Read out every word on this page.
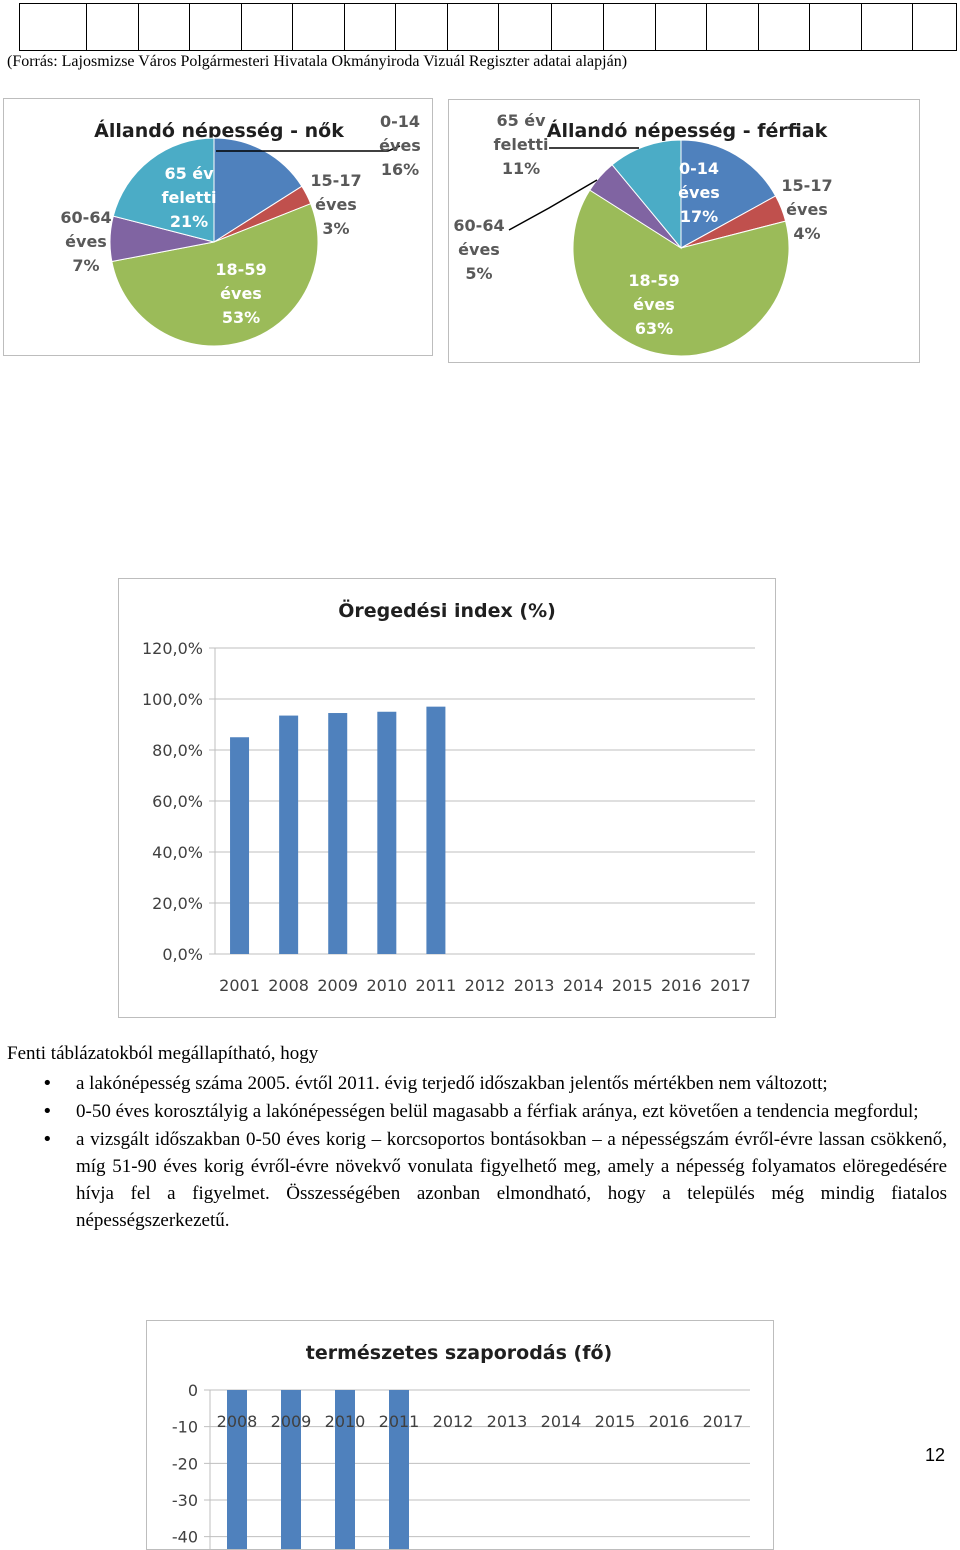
(Forrás: Lajosmizse Város Polgármesteri Hivatala Okmányiroda Vizuál Regiszter adatai alapján)
Állandó népesség - nők 0-14 éves 16%
15-17 éves 3%
18-59 éves 53%
60-64 éves 7%
65 év feletti 21%
Állandó népesség - férfiak
0-14 éves 17%
15-17 éves 4%
18-59 éves 63%
60-64 éves 5%
65 év feletti 11%
Öregedési index (%)
120,0%
100,0%
80,0%
60,0%
40,0%
20,0%
0,0%
2001 2008 2009 2010 2011 2012 2013 2014 2015 2016 2017
Fenti táblázatokból megállapítható, hogy
• a lakónépesség száma 2005. évtől 2011. évig terjedő időszakban jelentős mértékben nem változott;
• 0-50 éves korosztályig a lakónépességen belül magasabb a férfiak aránya, ezt követően a tendencia megfordul;
• a vizsgált időszakban 0-50 éves korig – korcsoportos bontásokban – a népességszám évről-évre lassan csökkenő, míg 51-90 éves korig évről-évre növekvő vonulata figyelhető meg, amely a népesség folyamatos elöregedésére hívja fel a figyelmet. Összességében azonban elmondható, hogy a település még mindig fiatalos népességszerkezetű.
természetes szaporodás (fő)
0
-10
-20
-30
-40
2008 2009 2010 2011 2012 2013 2014 2015 2016 2017
12
